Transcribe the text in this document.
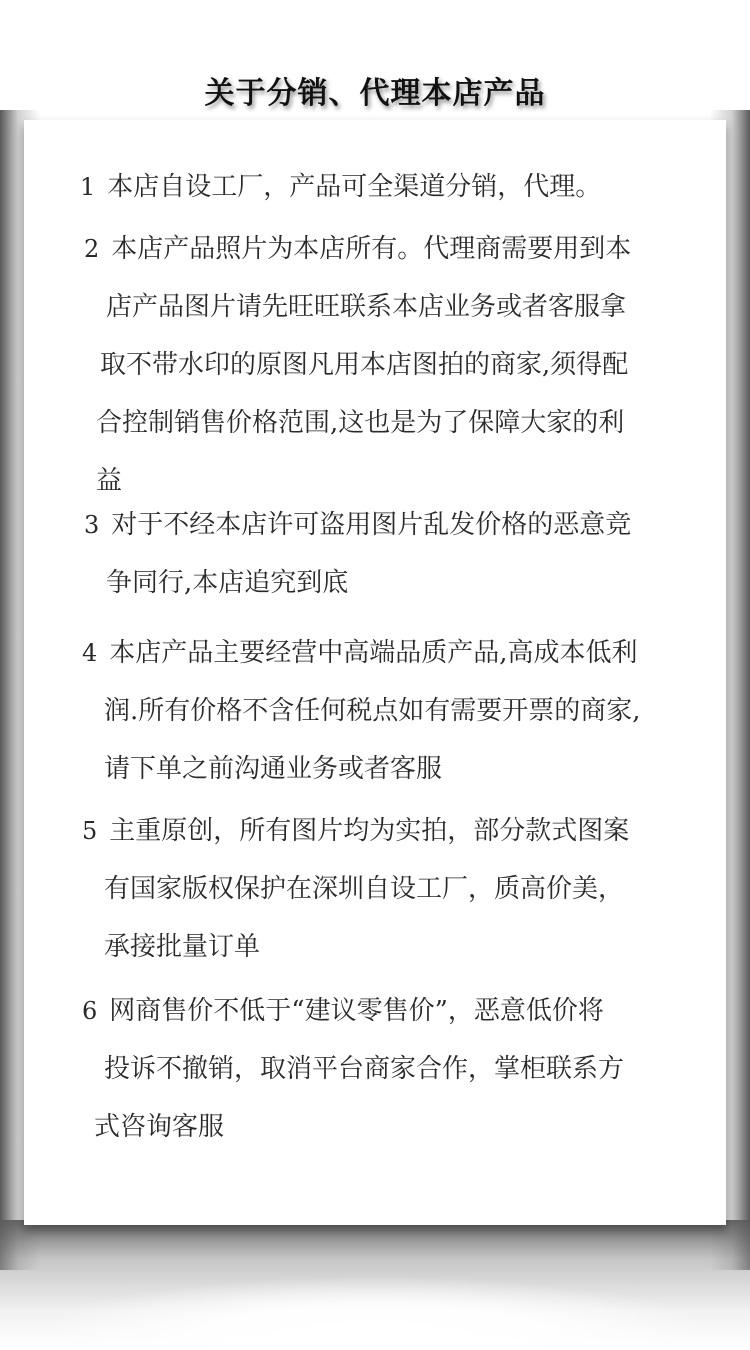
关于分销、代理本店产品
1 本店自设工厂，产品可全渠道分销，代理。
2 本店产品照片为本店所有。代理商需要用到本
店产品图片请先旺旺联系本店业务或者客服拿
取不带水印的原图凡用本店图拍的商家,须得配
合控制销售价格范围,这也是为了保障大家的利
益
3 对于不经本店许可盗用图片乱发价格的恶意竞
争同行,本店追究到底
4 本店产品主要经营中高端品质产品,高成本低利
润.所有价格不含任何税点如有需要开票的商家,
请下单之前沟通业务或者客服
5 主重原创，所有图片均为实拍，部分款式图案
有国家版权保护在深圳自设工厂，质高价美，
承接批量订单
6 网商售价不低于“建议零售价”，恶意低价将
投诉不撤销，取消平台商家合作，掌柜联系方
式咨询客服
